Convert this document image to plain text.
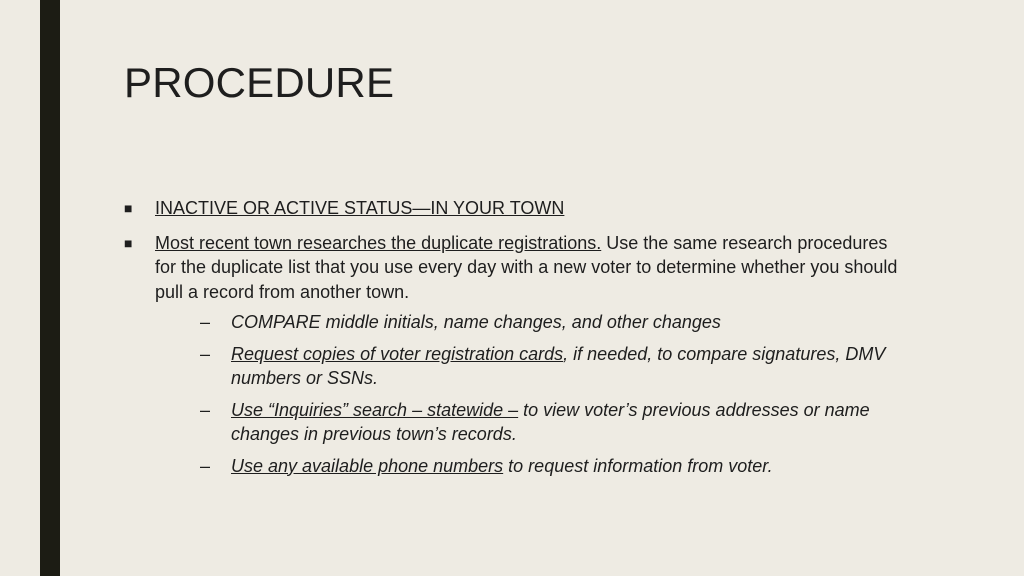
PROCEDURE
■ INACTIVE OR ACTIVE STATUS—IN YOUR TOWN
■ Most recent town researches the duplicate registrations. Use the same research procedures for the duplicate list that you use every day with a new voter to determine whether you should pull a record from another town.
– COMPARE middle initials, name changes, and other changes
– Request copies of voter registration cards, if needed, to compare signatures, DMV numbers or SSNs.
– Use “Inquiries” search – statewide – to view voter’s previous addresses or name changes in previous town’s records.
– Use any available phone numbers to request information from voter.
